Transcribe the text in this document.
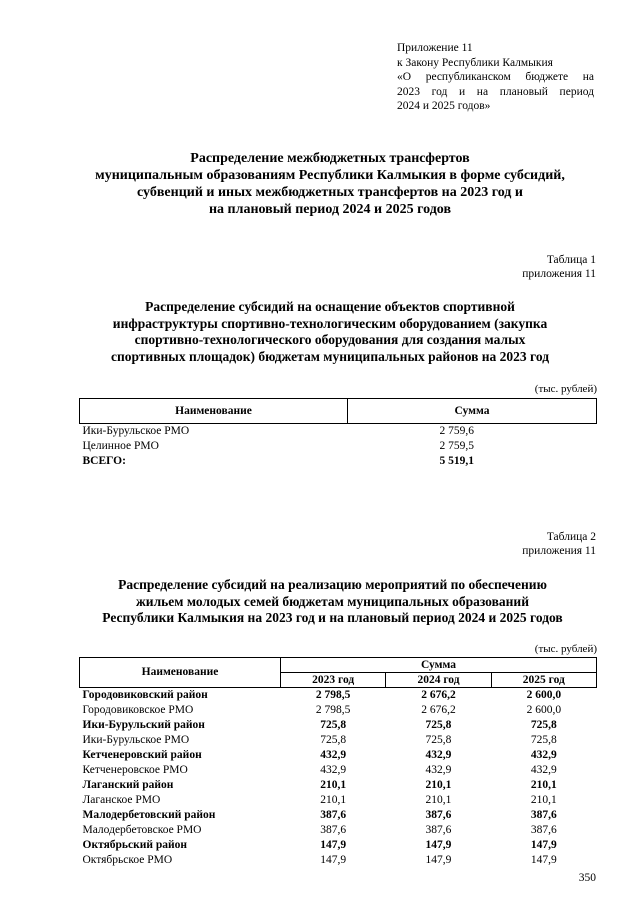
Приложение 11
к Закону Республики Калмыкия
«О республиканском бюджете на
2023 год и на плановый период
2024 и 2025 годов»
Распределение межбюджетных трансфертов
муниципальным образованиям Республики Калмыкия в форме субсидий,
субвенций и иных межбюджетных трансфертов на 2023 год и
на плановый период 2024 и 2025 годов
Таблица 1
приложения 11
Распределение субсидий на оснащение объектов спортивной
инфраструктуры спортивно-технологическим оборудованием (закупка
спортивно-технологического оборудования для создания малых
спортивных площадок) бюджетам муниципальных районов на 2023 год
(тыс. рублей)
Наименование	Сумма
Ики-Бурульское РМО	2 759,6
Целинное РМО	2 759,5
ВСЕГО:	5 519,1
Таблица 2
приложения 11
Распределение субсидий на реализацию мероприятий по обеспечению
жильем молодых семей бюджетам муниципальных образований
Республики Калмыкия на 2023 год и на плановый период 2024 и 2025 годов
(тыс. рублей)
Наименование	Сумма		
	2023 год	2024 год	2025 год
Городовиковский район	2 798,5	2 676,2	2 600,0
Городовиковское РМО	2 798,5	2 676,2	2 600,0
Ики-Бурульский район	725,8	725,8	725,8
Ики-Бурульское РМО	725,8	725,8	725,8
Кетченеровский район	432,9	432,9	432,9
Кетченеровское РМО	432,9	432,9	432,9
Лаганский район	210,1	210,1	210,1
Лаганское РМО	210,1	210,1	210,1
Малодербетовский район	387,6	387,6	387,6
Малодербетовское РМО	387,6	387,6	387,6
Октябрьский район	147,9	147,9	147,9
Октябрьское РМО	147,9	147,9	147,9
350
